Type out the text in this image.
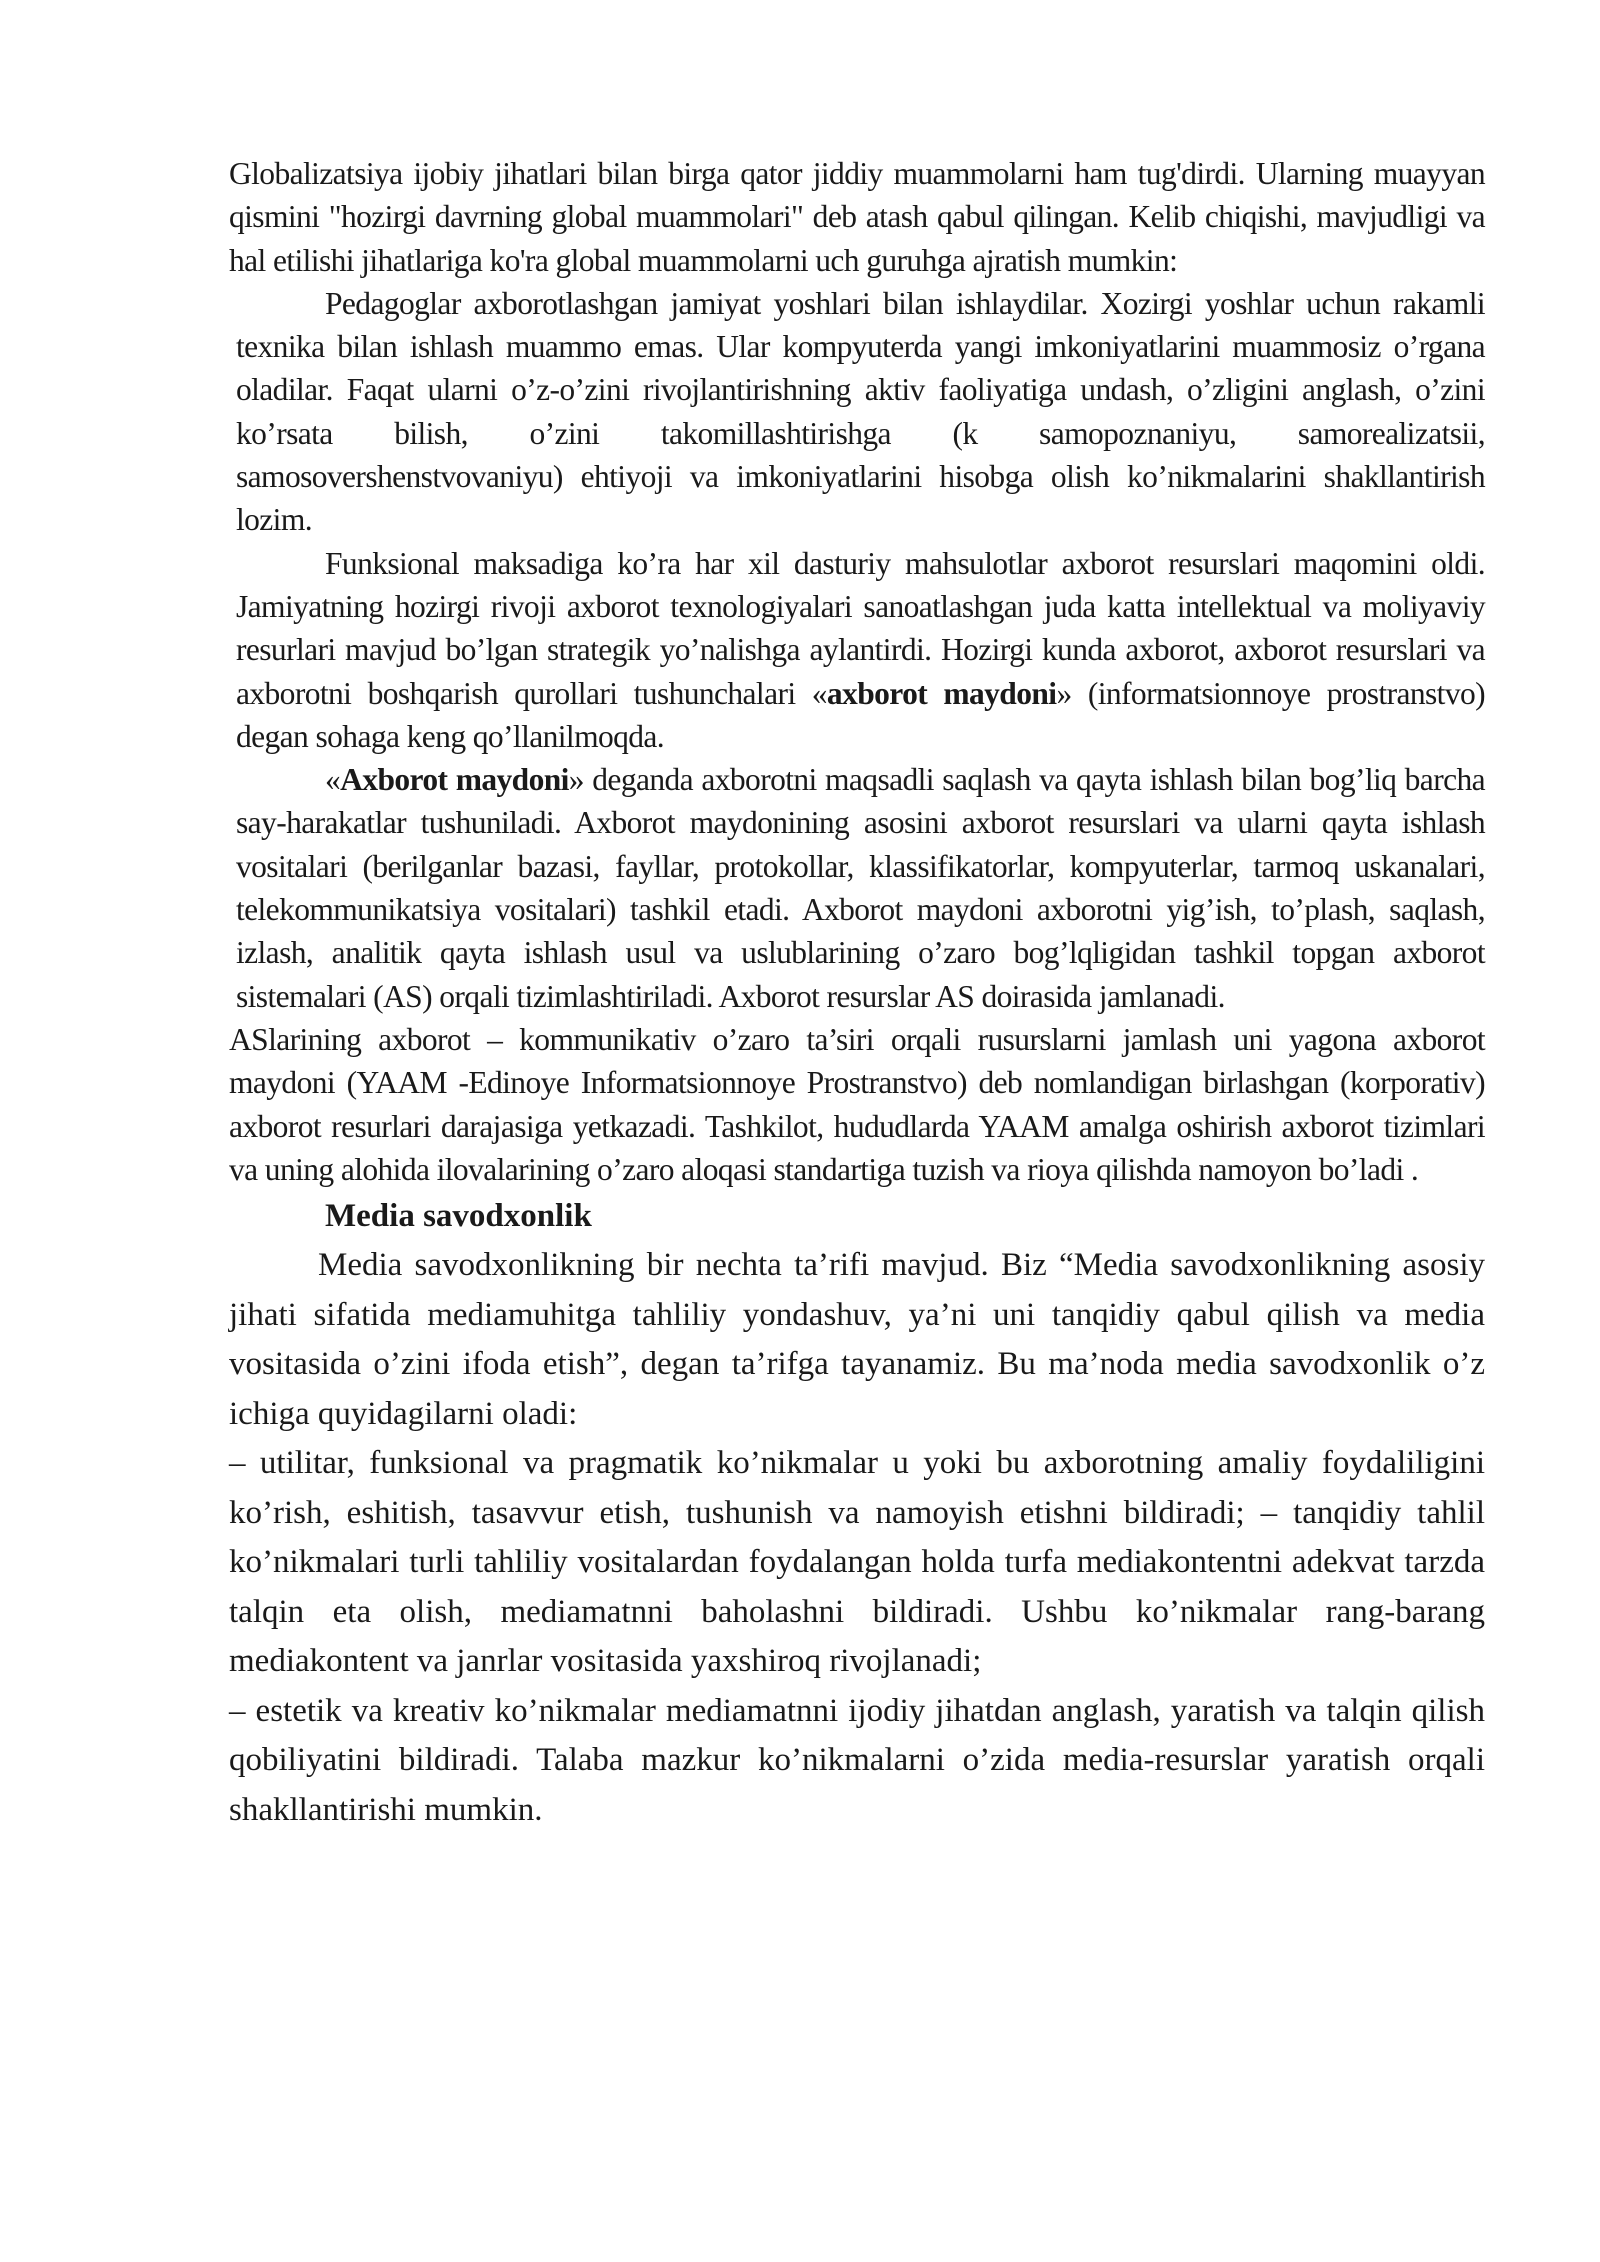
Globalizatsiya ijobiy jihatlari bilan birga qator jiddiy muammolarni ham tug'dirdi. Ularning muayyan qismini "hozirgi davrning global muammolari" deb atash qabul qilingan. Kelib chiqishi, mavjudligi va hal etilishi jihatlariga ko'ra global muammolarni uch guruhga ajratish mumkin:

Pedagoglar axborotlashgan jamiyat yoshlari bilan ishlaydilar. Xozirgi yoshlar uchun rakamli texnika bilan ishlash muammo emas. Ular kompyuterda yangi imkoniyatlarini muammosiz o’rgana oladilar. Faqat ularni o’z-o’zini rivojlantirishning aktiv faoliyatiga undash, o’zligini anglash, o’zini ko’rsata bilish, o’zini takomillashtirishga (k samopoznaniyu, samorealizatsii, samosovershenstvovaniyu) ehtiyoji va imkoniyatlarini hisobga olish ko’nikmalarini shakllantirish lozim.

Funksional maksadiga ko’ra har xil dasturiy mahsulotlar axborot resurslari maqomini oldi. Jamiyatning hozirgi rivoji axborot texnologiyalari sanoatlashgan juda katta intellektual va moliyaviy resurlari mavjud bo’lgan strategik yo’nalishga aylantirdi. Hozirgi kunda axborot, axborot resurslari va axborotni boshqarish qurollari tushunchalari «axborot maydoni» (informatsionnoye prostranstvo) degan sohaga keng qo’llanilmoqda.

«Axborot maydoni» deganda axborotni maqsadli saqlash va qayta ishlash bilan bog’liq barcha say-harakatlar tushuniladi. Axborot maydonining asosini axborot resurslari va ularni qayta ishlash vositalari (berilganlar bazasi, fayllar, protokollar, klassifikatorlar, kompyuterlar, tarmoq uskanalari, telekommunikatsiya vositalari) tashkil etadi. Axborot maydoni axborotni yig’ish, to’plash, saqlash, izlash, analitik qayta ishlash usul va uslublarining o’zaro bog’lqligidan tashkil topgan axborot sistemalari (AS) orqali tizimlashtiriladi. Axborot resurslar AS doirasida jamlanadi.

ASlarining axborot – kommunikativ o’zaro ta’siri orqali rusurslarni jamlash uni yagona axborot maydoni (YAAM -Edinoye Informatsionnoye Prostranstvo) deb nomlandigan birlashgan (korporativ) axborot resurlari darajasiga yetkazadi. Tashkilot, hududlarda YAAM amalga oshirish axborot tizimlari va uning alohida ilovalarining o’zaro aloqasi standartiga tuzish va rioya qilishda namoyon bo’ladi .

Media savodxonlik

Media savodxonlikning bir nechta ta’rifi mavjud. Biz “Media savodxonlikning asosiy jihati sifatida mediamuhitga tahliliy yondashuv, ya’ni uni tanqidiy qabul qilish va media vositasida o’zini ifoda etish”, degan ta’rifga tayanamiz. Bu ma’noda media savodxonlik o’z ichiga quyidagilarni oladi:

– utilitar, funksional va pragmatik ko’nikmalar u yoki bu axborotning amaliy foydaliligini ko’rish, eshitish, tasavvur etish, tushunish va namoyish etishni bildiradi; – tanqidiy tahlil ko’nikmalari turli tahliliy vositalardan foydalangan holda turfa mediakontentni adekvat tarzda talqin eta olish, mediamatnni baholashni bildiradi. Ushbu ko’nikmalar rang-barang mediakontent va janrlar vositasida yaxshiroq rivojlanadi;

– estetik va kreativ ko’nikmalar mediamatnni ijodiy jihatdan anglash, yaratish va talqin qilish qobiliyatini bildiradi. Talaba mazkur ko’nikmalarni o’zida media-resurslar yaratish orqali shakllantirishi mumkin.
